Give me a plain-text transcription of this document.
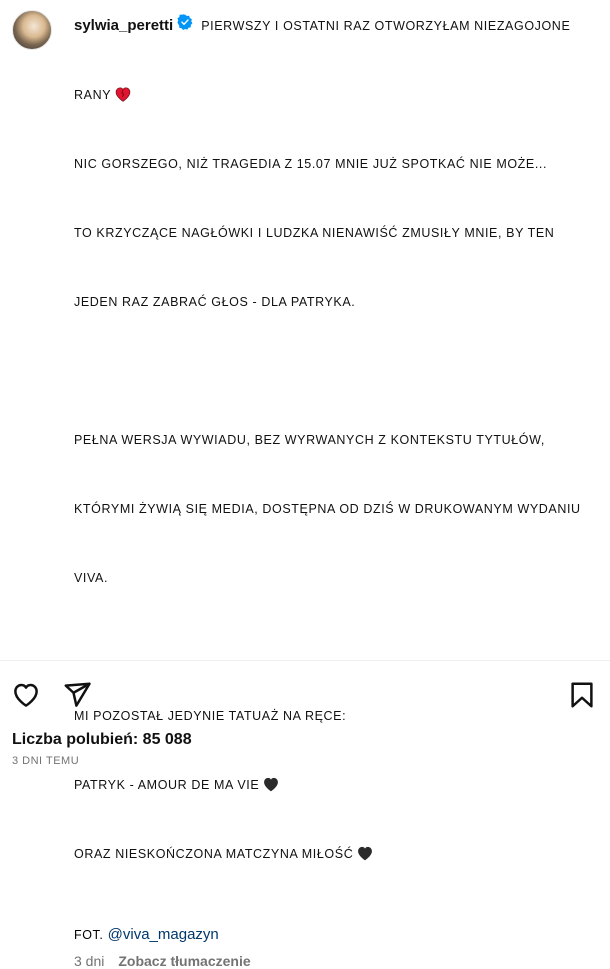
sylwia_peretti PIERWSZY I OSTATNI RAZ OTWORZYŁAM NIEZAGOJONE

RANY

NIC GORSZEGO, NIŻ TRAGEDIA Z 15.07 MNIE JUŻ SPOTKAĆ NIE MOŻE...

TO KRZYCZĄCE NAGŁÓWKI I LUDZKA NIENAWIŚĆ ZMUSIŁY MNIE, BY TEN

JEDEN RAZ ZABRAĆ GŁOS - DLA PATRYKA.

PEŁNA WERSJA WYWIADU, BEZ WYRWANYCH Z KONTEKSTU TYTUŁÓW,

KTÓRYMI ŻYWIĄ SIĘ MEDIA, DOSTĘPNA OD DZIŚ W DRUKOWANYM WYDANIU

VIVA.

MI POZOSTAŁ JEDYNIE TATUAŻ NA RĘCE:

PATRYK - AMOUR DE MA VIE

ORAZ NIESKOŃCZONA MATCZYNA MIŁOŚĆ

FOT. @viva_magazyn
3 dni Zobacz tłumaczenie
Liczba polubień: 85 088
3 DNI TEMU
